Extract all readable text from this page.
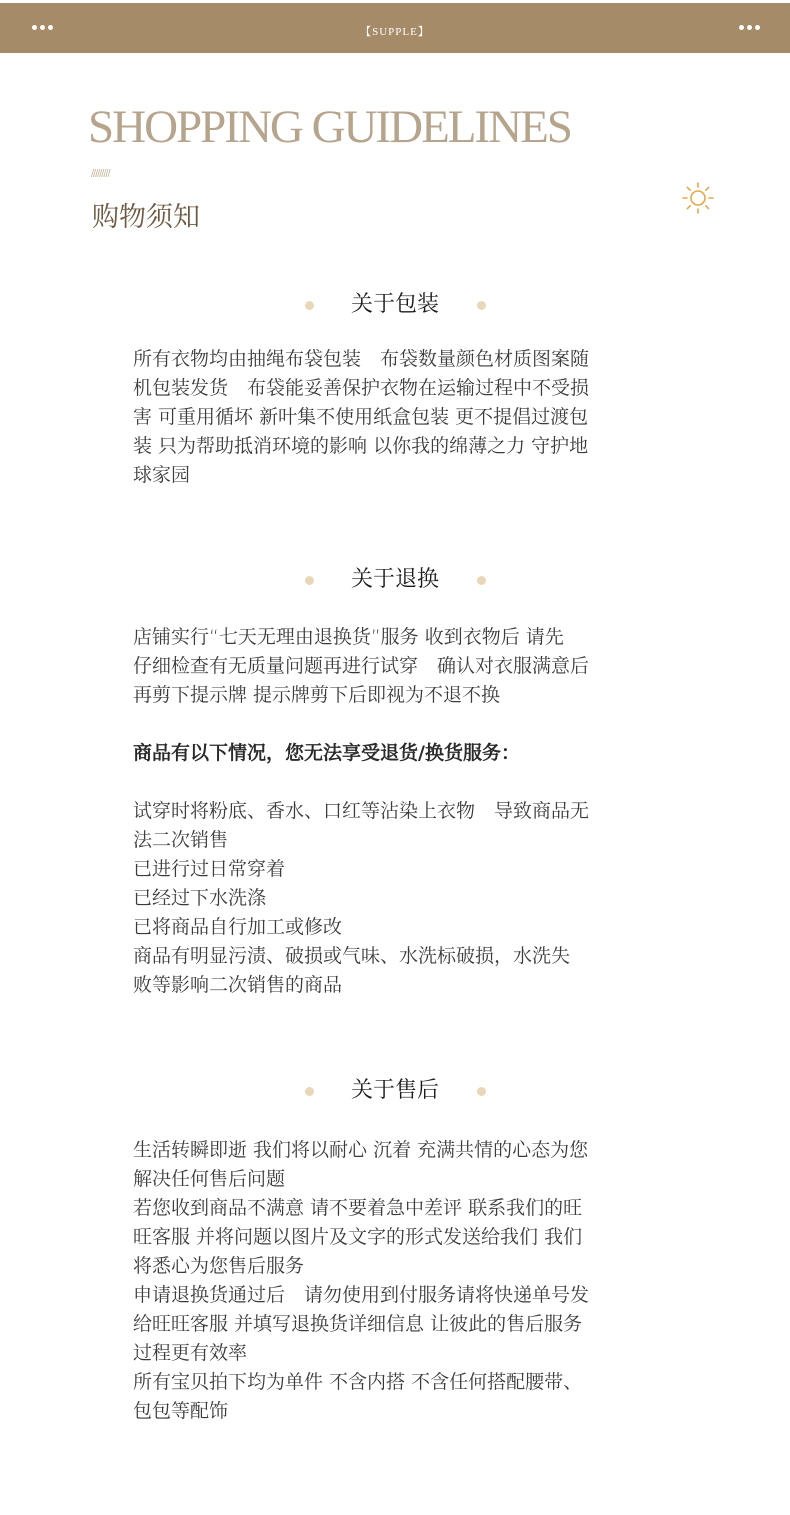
【SUPPLE】
SHOPPING GUIDELINES
/////////
购物须知
关于包装
所有衣物均由抽绳布袋包装　布袋数量颜色材质图案随
机包装发货　布袋能妥善保护衣物在运输过程中不受损
害 可重用循坏 新叶集不使用纸盒包装 更不提倡过渡包
装 只为帮助抵消环境的影响 以你我的绵薄之力 守护地
球家园
关于退换
店铺实行“七天无理由退换货”服务 收到衣物后 请先
仔细检查有无质量问题再进行试穿　确认对衣服满意后
再剪下提示牌 提示牌剪下后即视为不退不换
商品有以下情况，您无法享受退货/换货服务：
试穿时将粉底、香水、口红等沾染上衣物　导致商品无
法二次销售
已进行过日常穿着
已经过下水洗涤
已将商品自行加工或修改
商品有明显污渍、破损或气味、水洗标破损，水洗失
败等影响二次销售的商品
关于售后
生活转瞬即逝 我们将以耐心 沉着 充满共情的心态为您
解决任何售后问题
若您收到商品不满意 请不要着急中差评 联系我们的旺
旺客服 并将问题以图片及文字的形式发送给我们 我们
将悉心为您售后服务
申请退换货通过后　请勿使用到付服务请将快递单号发
给旺旺客服 并填写退换货详细信息 让彼此的售后服务
过程更有效率
所有宝贝拍下均为单件 不含内搭 不含任何搭配腰带、
包包等配饰
